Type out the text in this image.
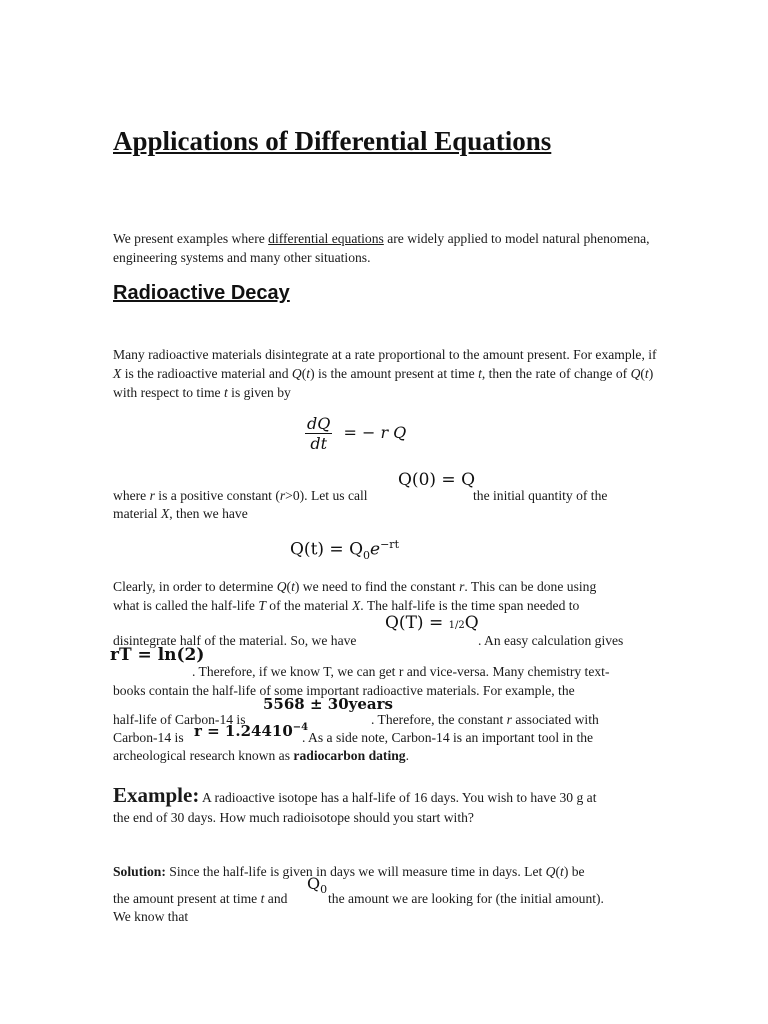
Applications of Differential Equations
We present examples where differential equations are widely applied to model natural phenomena, engineering systems and many other situations.
Radioactive Decay
Many radioactive materials disintegrate at a rate proportional to the amount present. For example, if X is the radioactive material and Q(t) is the amount present at time t, then the rate of change of Q(t) with respect to time t is given by
$\frac{dQ}{dt}$ = − r Q
Q(0) = Q
where r is a positive constant (r>0). Let us call	the initial quantity of the
material X, then we have
$Q(t) = Q_0e^{-rt}$
Clearly, in order to determine Q(t) we need to find the constant r. This can be done using
what is called the half-life T of the material X. The half-life is the time span needed to
Q(T) = 1/2Q
disintegrate half of the material. So, we have	. An easy calculation gives
rT = ln(2)
. Therefore, if we know T, we can get r and vice-versa. Many chemistry text-
books contain the half-life of some important radioactive materials. For example, the
5568 ± 30years
half-life of Carbon-14 is	. Therefore, the constant r associated with
$r = 1.24410^{-4}$
Carbon-14 is	. As a side note, Carbon-14 is an important tool in the
archeological research known as radiocarbon dating.
Example: A radioactive isotope has a half-life of 16 days. You wish to have 30 g at
the end of 30 days. How much radioisotope should you start with?
Solution: Since the half-life is given in days we will measure time in days. Let Q(t) be
$Q_0$
the amount present at time t and	the amount we are looking for (the initial amount).
We know that
